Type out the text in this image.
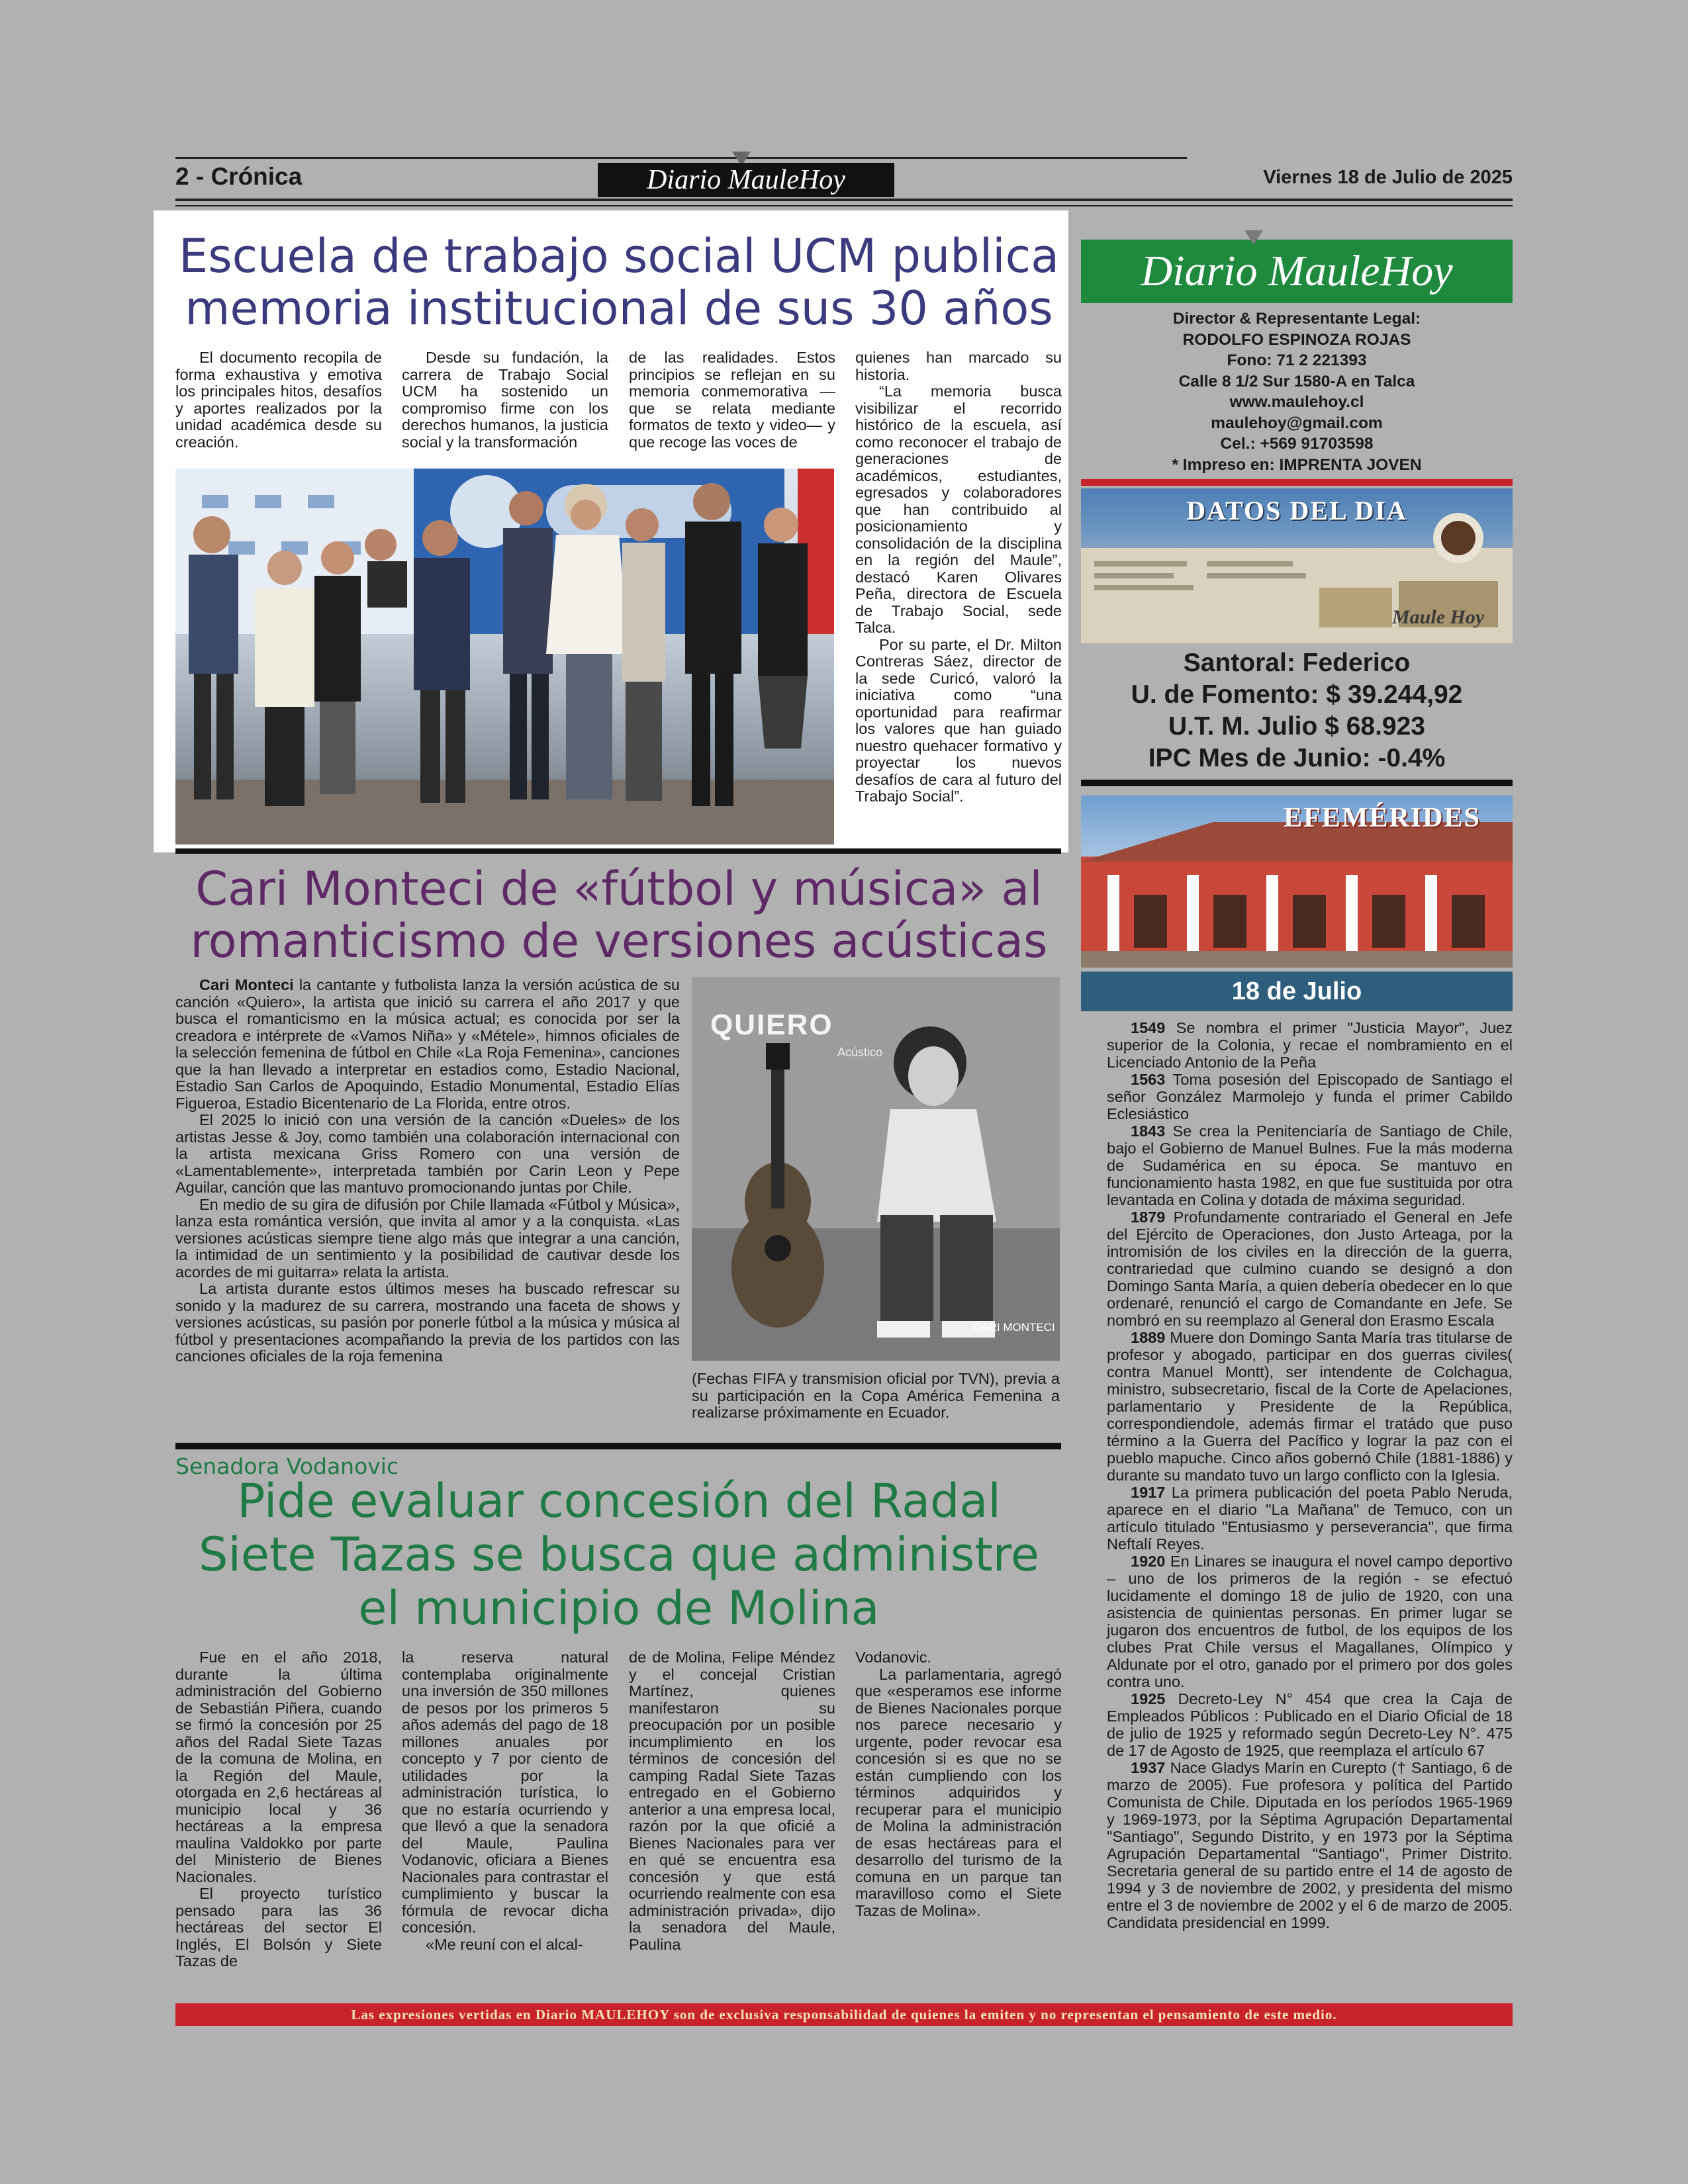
2 - Crónica	Diario MauleHoy	Viernes 18 de Julio de 2025
Escuela de trabajo social UCM publica memoria institucional de sus 30 años

El documento recopila de forma exhaustiva y emotiva los principales hitos, desafíos y aportes realizados por la unidad académica desde su creación.

Desde su fundación, la carrera de Trabajo Social UCM ha sostenido un compromiso firme con los derechos humanos, la justicia social y la transformación

de las realidades. Estos principios se reflejan en su memoria conmemorativa —que se relata mediante formatos de texto y video— y que recoge las voces de

quienes han marcado su historia.

“La memoria busca visibilizar el recorrido histórico de la escuela, así como reconocer el trabajo de generaciones de académicos, estudiantes, egresados y colaboradores que han contribuido al posicionamiento y consolidación de la disciplina en la región del Maule”, destacó Karen Olivares Peña, directora de Escuela de Trabajo Social, sede Talca.

Por su parte, el Dr. Milton Contreras Sáez, director de la sede Curicó, valoró la iniciativa como “una oportunidad para reafirmar los valores que han guiado nuestro quehacer formativo y proyectar los nuevos desafíos de cara al futuro del Trabajo Social”.

Cari Monteci de «fútbol y música» al romanticismo de versiones acústicas

Cari Monteci la cantante y futbolista lanza la versión acústica de su canción «Quiero», la artista que inició su carrera el año 2017 y que busca el romanticismo en la música actual; es conocida por ser la creadora e intérprete de «Vamos Niña» y «Métele», himnos oficiales de la selección femenina de fútbol en Chile «La Roja Femenina», canciones que la han llevado a interpretar en estadios como, Estadio Nacional, Estadio San Carlos de Apoquindo, Estadio Monumental, Estadio Elías Figueroa, Estadio Bicentenario de La Florida, entre otros.

El 2025 lo inició con una versión de la canción «Dueles» de los artistas Jesse & Joy, como también una colaboración internacional con la artista mexicana Griss Romero con una versión de «Lamentablemente», interpretada también por Carin Leon y Pepe Aguilar, canción que las mantuvo promocionando juntas por Chile.

En medio de su gira de difusión por Chile llamada «Fútbol y Música», lanza esta romántica versión, que invita al amor y a la conquista. «Las versiones acústicas siempre tiene algo más que integrar a una canción, la intimidad de un sentimiento y la posibilidad de cautivar desde los acordes de mi guitarra» relata la artista.

La artista durante estos últimos meses ha buscado refrescar su sonido y la madurez de su carrera, mostrando una faceta de shows y versiones acústicas, su pasión por ponerle fútbol a la música y música al fútbol y presentaciones acompañando la previa de los partidos con las canciones oficiales de la roja femenina

QUIERO
Acústico
CARI MONTECI

(Fechas FIFA y transmision oficial por TVN), previa a su participación en la Copa América Femenina a realizarse próximamente en Ecuador.

Senadora Vodanovic
Pide evaluar concesión del Radal Siete Tazas se busca que administre el municipio de Molina

Fue en el año 2018, durante la última administración del Gobierno de Sebastián Piñera, cuando se firmó la concesión por 25 años del Radal Siete Tazas de la comuna de Molina, en la Región del Maule, otorgada en 2,6 hectáreas al municipio local y 36 hectáreas a la empresa maulina Valdokko por parte del Ministerio de Bienes Nacionales.

El proyecto turístico pensado para las 36 hectáreas del sector El Inglés, El Bolsón y Siete Tazas de

la reserva natural contemplaba originalmente una inversión de 350 millones de pesos por los primeros 5 años además del pago de 18 millones anuales por concepto y 7 por ciento de utilidades por la administración turística, lo que no estaría ocurriendo y que llevó a que la senadora del Maule, Paulina Vodanovic, oficiara a Bienes Nacionales para contrastar el cumplimiento y buscar la fórmula de revocar dicha concesión.

«Me reuní con el alcal-

de de Molina, Felipe Méndez y el concejal Cristian Martínez, quienes manifestaron su preocupación por un posible incumplimiento en los términos de concesión del camping Radal Siete Tazas entregado en el Gobierno anterior a una empresa local, razón por la que oficié a Bienes Nacionales para ver en qué se encuentra esa concesión y que está ocurriendo realmente con esa administración privada», dijo la senadora del Maule, Paulina

Vodanovic.

La parlamentaria, agregó que «esperamos ese informe de Bienes Nacionales porque nos parece necesario y urgente, poder revocar esa concesión si es que no se están cumpliendo con los términos adquiridos y recuperar para el municipio de Molina la administración de esas hectáreas para el desarrollo del turismo de la comuna en un parque tan maravilloso como el Siete Tazas de Molina».

Diario MauleHoy
Director & Representante Legal:
RODOLFO ESPINOZA ROJAS
Fono: 71 2 221393
Calle 8 1/2 Sur 1580-A en Talca
www.maulehoy.cl
maulehoy@gmail.com
Cel.: +569 91703598
* Impreso en: IMPRENTA JOVEN
DATOS DEL DIA
Maule Hoy
Santoral: Federico
U. de Fomento: $ 39.244,92
U.T. M. Julio $ 68.923
IPC Mes de Junio: -0.4%
EFEMÉRIDES
18 de Julio

1549 Se nombra el primer "Justicia Mayor", Juez superior de la Colonia, y recae el nombramiento en el Licenciado Antonio de la Peña

1563 Toma posesión del Episcopado de Santiago el señor González Marmolejo y funda el primer Cabildo Eclesiástico

1843 Se crea la Penitenciaría de Santiago de Chile, bajo el Gobierno de Manuel Bulnes. Fue la más moderna de Sudamérica en su época. Se mantuvo en funcionamiento hasta 1982, en que fue sustituida por otra levantada en Colina y dotada de máxima seguridad.

1879 Profundamente contrariado el General en Jefe del Ejército de Operaciones, don Justo Arteaga, por la intromisión de los civiles en la dirección de la guerra, contrariedad que culmino cuando se designó a don Domingo Santa María, a quien debería obedecer en lo que ordenaré, renunció el cargo de Comandante en Jefe. Se nombró en su reemplazo al General don Erasmo Escala

1889 Muere don Domingo Santa María tras titularse de profesor y abogado, participar en dos guerras civiles( contra Manuel Montt), ser intendente de Colchagua, ministro, subsecretario, fiscal de la Corte de Apelaciones, parlamentario y Presidente de la República, correspondiendole, además firmar el tratádo que puso término a la Guerra del Pacífico y lograr la paz con el pueblo mapuche. Cinco años gobernó Chile (1881-1886) y durante su mandato tuvo un largo conflicto con la Iglesia.

1917 La primera publicación del poeta Pablo Neruda, aparece en el diario "La Mañana" de Temuco, con un artículo titulado "Entusiasmo y perseverancia", que firma Neftalí Reyes.

1920 En Linares se inaugura el novel campo deportivo – uno de los primeros de la región - se efectuó lucidamente el domingo 18 de julio de 1920, con una asistencia de quinientas personas. En primer lugar se jugaron dos encuentros de futbol, de los equipos de los clubes Prat Chile versus el Magallanes, Olímpico y Aldunate por el otro, ganado por el primero por dos goles contra uno.

1925 Decreto-Ley N° 454 que crea la Caja de Empleados Públicos : Publicado en el Diario Oficial de 18 de julio de 1925 y reformado según Decreto-Ley N°. 475 de 17 de Agosto de 1925, que reemplaza el artículo 67

1937 Nace Gladys Marín en Curepto († Santiago, 6 de marzo de 2005). Fue profesora y política del Partido Comunista de Chile. Diputada en los períodos 1965-1969 y 1969-1973, por la Séptima Agrupación Departamental "Santiago", Segundo Distrito, y en 1973 por la Séptima Agrupación Departamental "Santiago", Primer Distrito. Secretaria general de su partido entre el 14 de agosto de 1994 y 3 de noviembre de 2002, y presidenta del mismo entre el 3 de noviembre de 2002 y el 6 de marzo de 2005. Candidata presidencial en 1999.

Las expresiones vertidas en Diario MAULEHOY son de exclusiva responsabilidad de quienes la emiten y no representan el pensamiento de este medio.
